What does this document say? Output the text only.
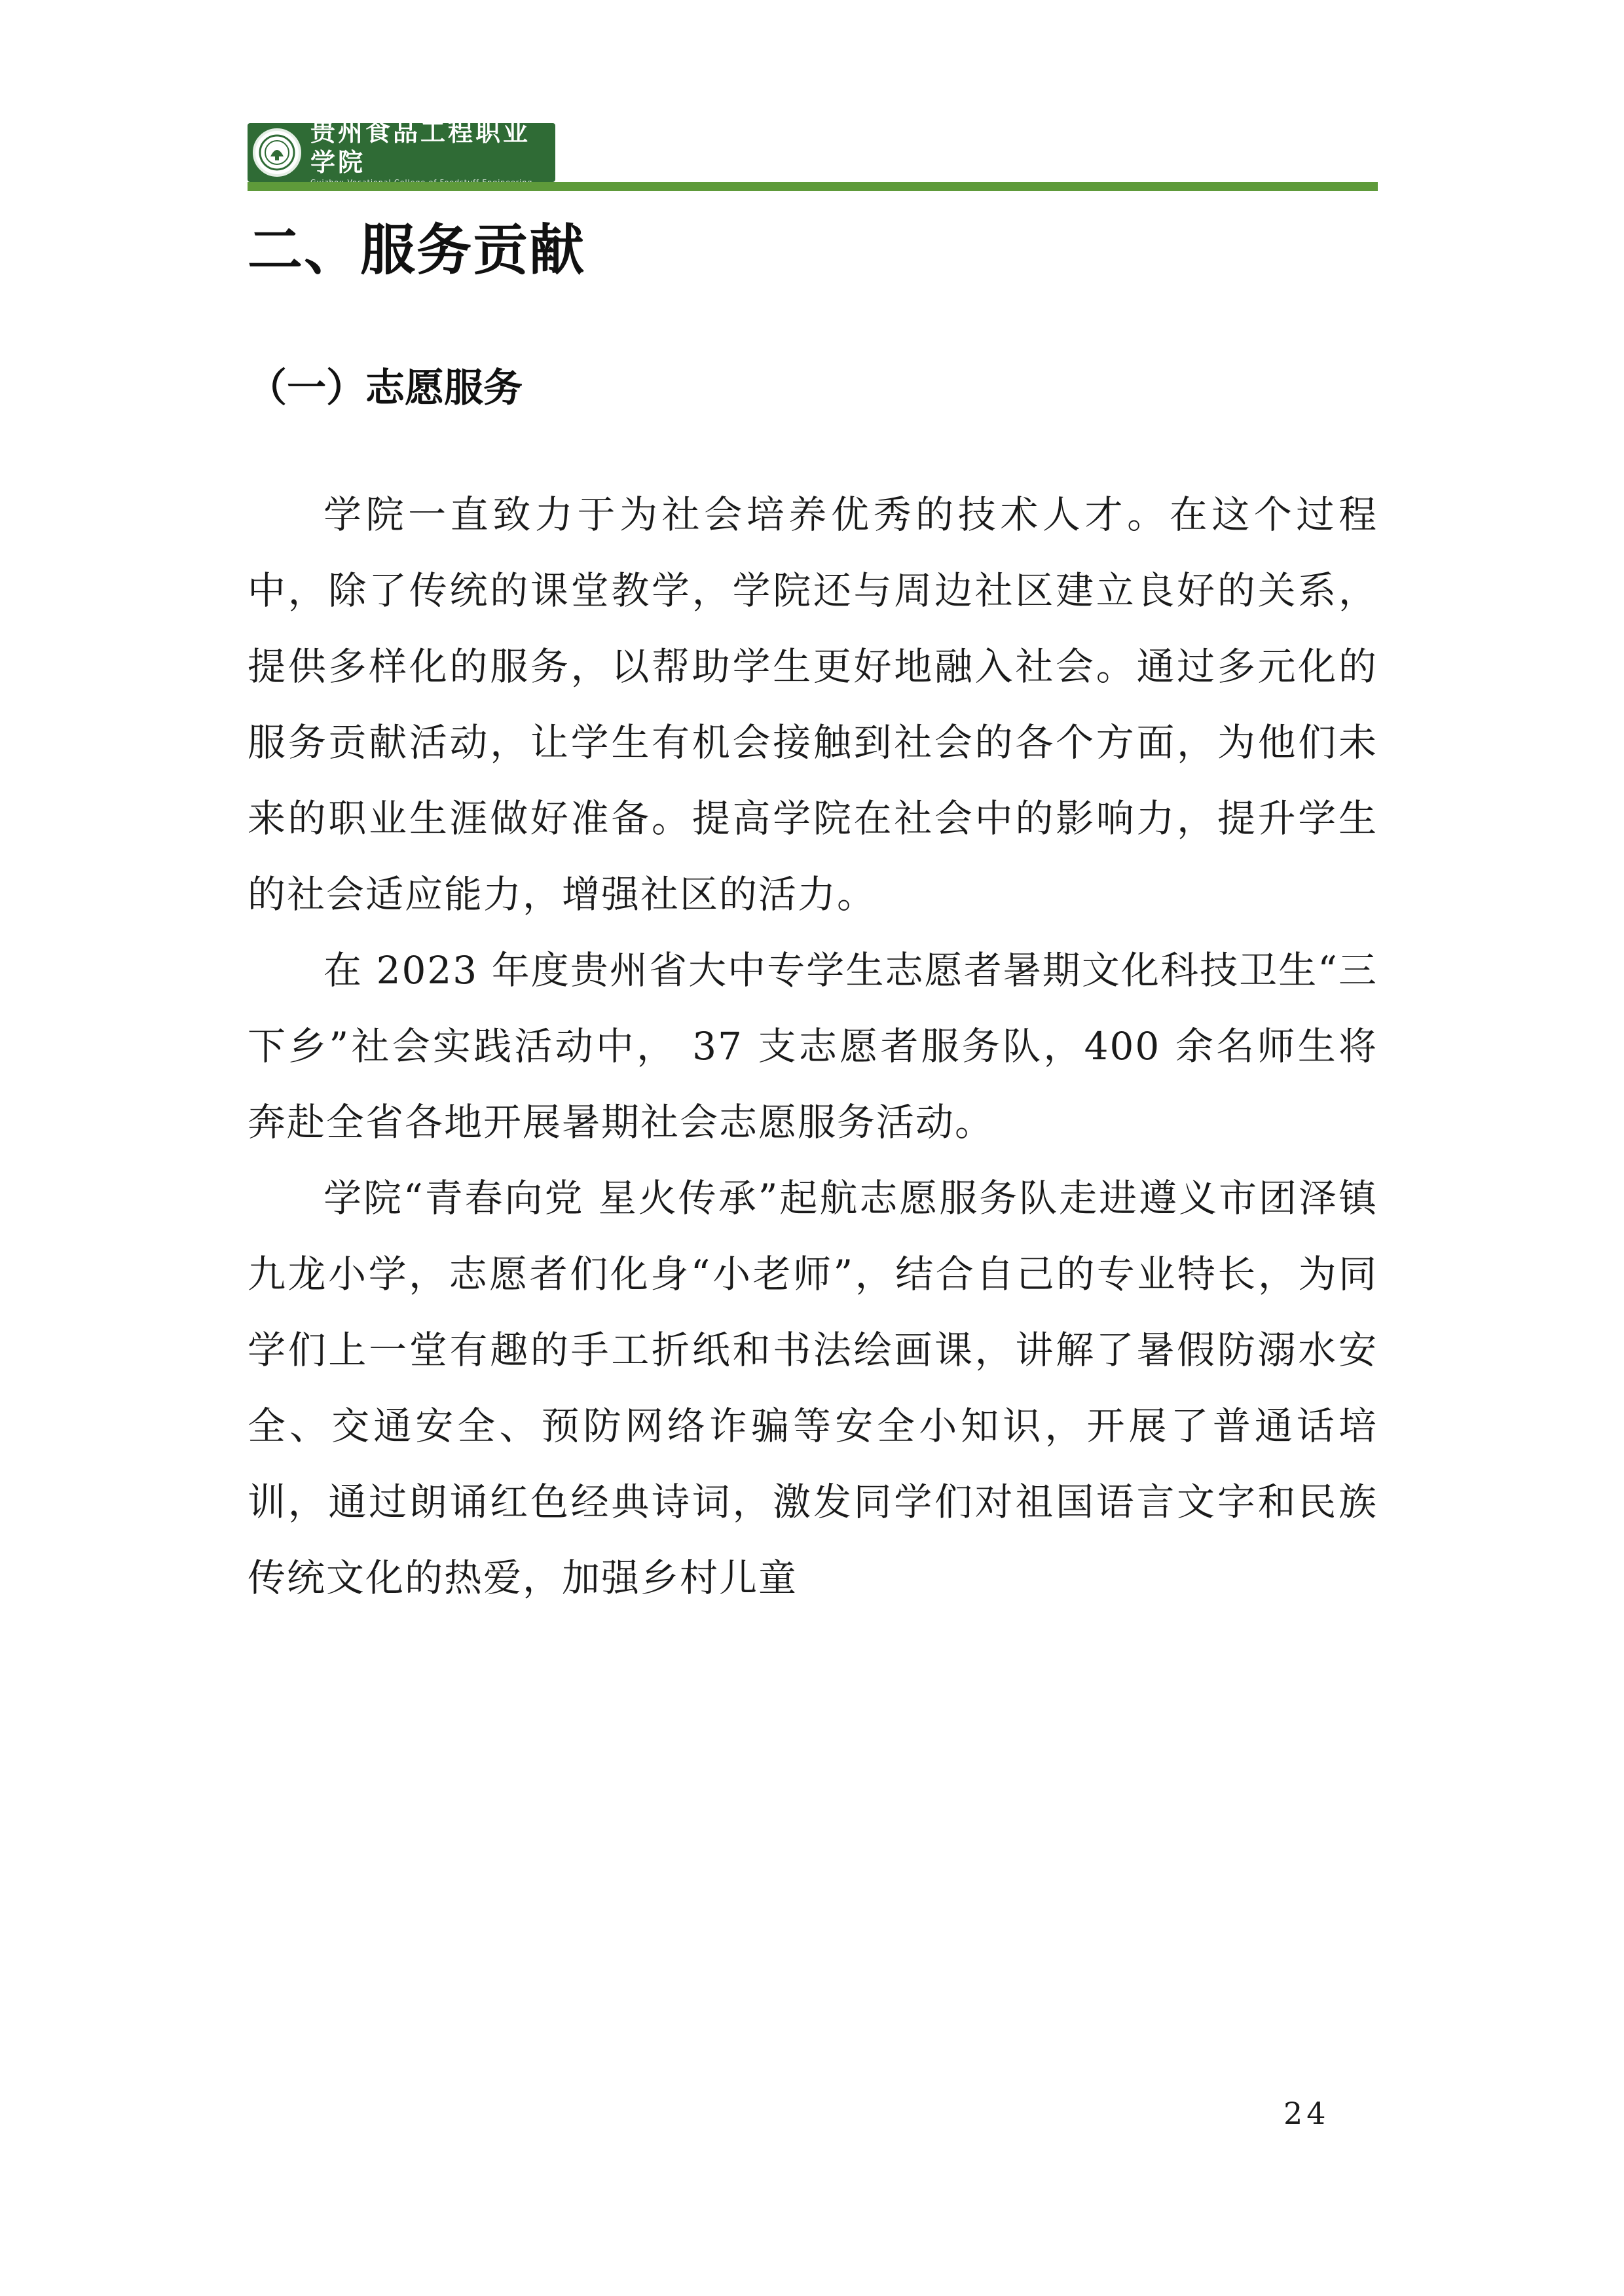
贵州食品工程职业学院
二、服务贡献
（一）志愿服务

学院一直致力于为社会培养优秀的技术人才。在这个过程中，除了传统的课堂教学，学院还与周边社区建立良好的关系，提供多样化的服务，以帮助学生更好地融入社会。通过多元化的服务贡献活动，让学生有机会接触到社会的各个方面，为他们未来的职业生涯做好准备。提高学院在社会中的影响力，提升学生的社会适应能力，增强社区的活力。

在 2023 年度贵州省大中专学生志愿者暑期文化科技卫生“三下乡”社会实践活动中， 37 支志愿者服务队，400 余名师生将奔赴全省各地开展暑期社会志愿服务活动。

学院“青春向党 星火传承”起航志愿服务队走进遵义市团泽镇九龙小学，志愿者们化身“小老师”，结合自己的专业特长，为同学们上一堂有趣的手工折纸和书法绘画课，讲解了暑假防溺水安全、交通安全、预防网络诈骗等安全小知识，开展了普通话培训，通过朗诵红色经典诗词，激发同学们对祖国语言文字和民族传统文化的热爱，加强乡村儿童

24
